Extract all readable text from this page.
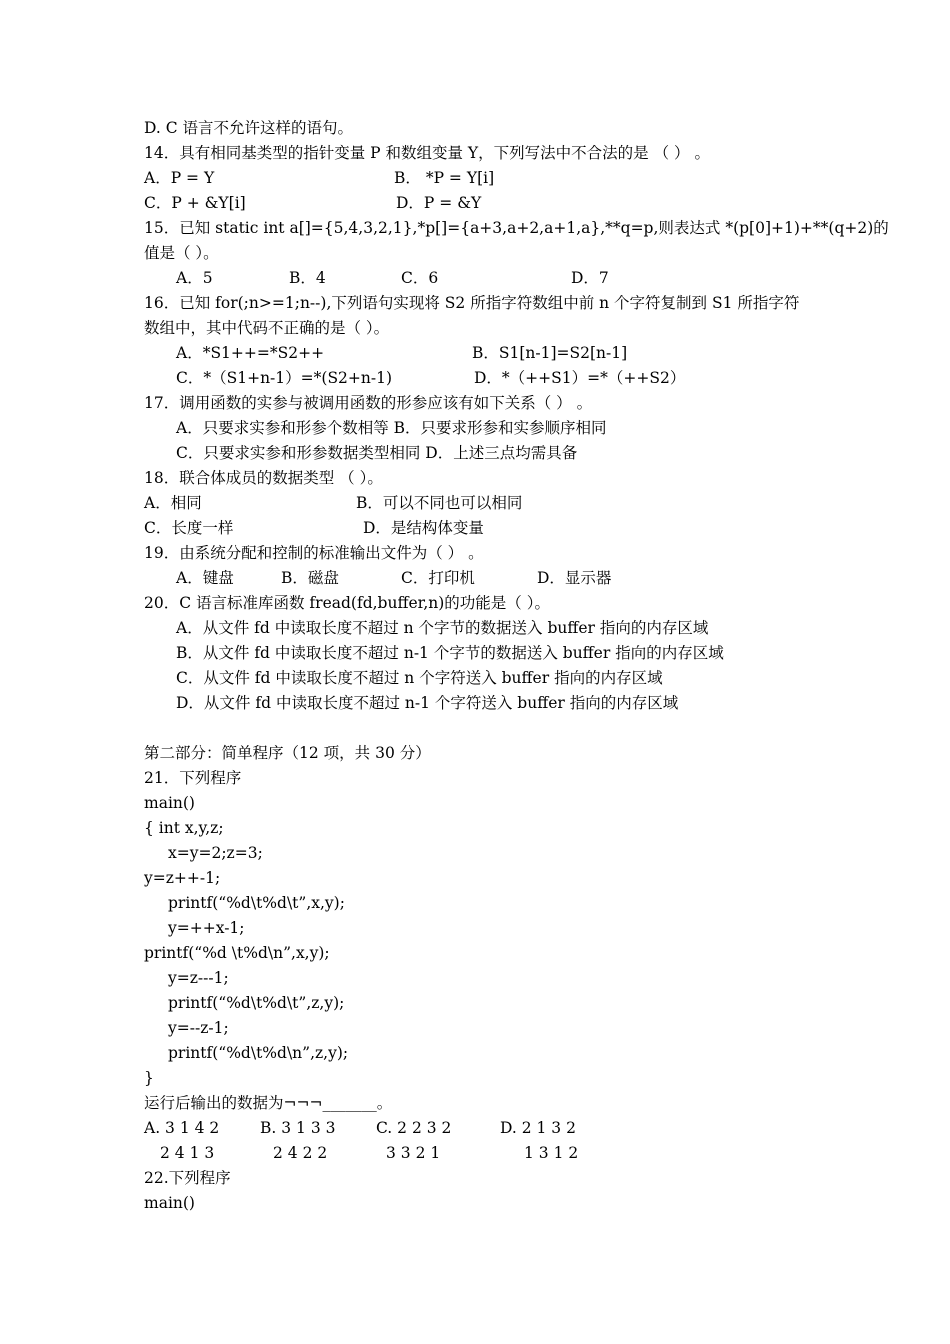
D. C 语言不允许这样的语句。
14．具有相同基类型的指针变量 P 和数组变量 Y，下列写法中不合法的是 （ ） 。
A．P = Y	B． *P = Y[i]
C．P + &Y[i]	D．P = &Y
15．已知 static int a[]={5,4,3,2,1},*p[]={a+3,a+2,a+1,a},**q=p,则表达式 *(p[0]+1)+**(q+2)的
值是（ ）。
A．5	B．4	C．6	D．7
16．已知 for(;n>=1;n--),下列语句实现将 S2 所指字符数组中前 n 个字符复制到 S1 所指字符
数组中，其中代码不正确的是（ ）。
A．*S1++=*S2++	B．S1[n-1]=S2[n-1]
C．*（S1+n-1）=*(S2+n-1)	D．*（++S1）=*（++S2）
17．调用函数的实参与被调用函数的形参应该有如下关系（ ） 。
A．只要求实参和形参个数相等 B．只要求形参和实参顺序相同
C．只要求实参和形参数据类型相同 D．上述三点均需具备
18．联合体成员的数据类型 （ ）。
A．相同	B．可以不同也可以相同
C．长度一样	D．是结构体变量
19．由系统分配和控制的标准输出文件为（ ） 。
A．键盘	B．磁盘	C．打印机	D．显示器
20．C 语言标准库函数 fread(fd,buffer,n)的功能是（ ）。
A．从文件 fd 中读取长度不超过 n 个字节的数据送入 buffer 指向的内存区域
B．从文件 fd 中读取长度不超过 n-1 个字节的数据送入 buffer 指向的内存区域
C．从文件 fd 中读取长度不超过 n 个字符送入 buffer 指向的内存区域
D．从文件 fd 中读取长度不超过 n-1 个字符送入 buffer 指向的内存区域
第二部分：简单程序（12 项，共 30 分）
21．下列程序
main()
{ int x,y,z;
x=y=2;z=3;
y=z++-1;
printf(“%d\t%d\t”,x,y);
y=++x-1;
printf(“%d \t%d\n”,x,y);
y=z---1;
printf(“%d\t%d\t”,z,y);
y=--z-1;
printf(“%d\t%d\n”,z,y);
}
运行后输出的数据为¬¬¬_______。
A. 3 1 4 2	B. 3 1 3 3	C. 2 2 3 2	D. 2 1 3 2
2 4 1 3	2 4 2 2	3 3 2 1	1 3 1 2
22.下列程序
main()
